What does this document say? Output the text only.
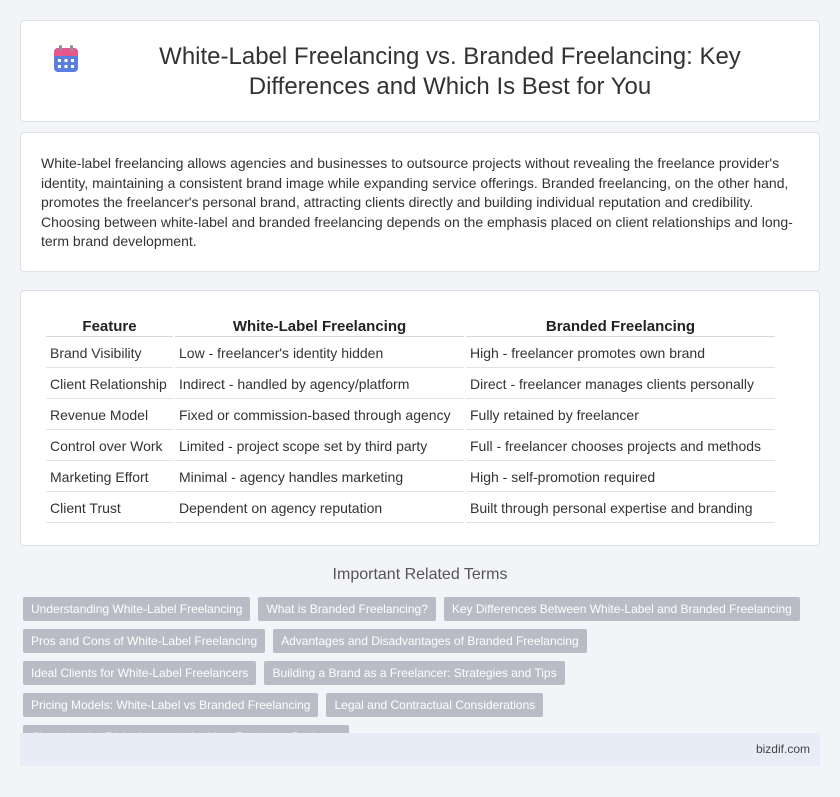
White-Label Freelancing vs. Branded Freelancing: Key Differences and Which Is Best for You

White-label freelancing allows agencies and businesses to outsource projects without revealing the freelance provider's identity, maintaining a consistent brand image while expanding service offerings. Branded freelancing, on the other hand, promotes the freelancer's personal brand, attracting clients directly and building individual reputation and credibility. Choosing between white-label and branded freelancing depends on the emphasis placed on client relationships and long-term brand development.

Feature	White-Label Freelancing	Branded Freelancing
Brand Visibility	Low - freelancer's identity hidden	High - freelancer promotes own brand
Client Relationship	Indirect - handled by agency/platform	Direct - freelancer manages clients personally
Revenue Model	Fixed or commission-based through agency	Fully retained by freelancer
Control over Work	Limited - project scope set by third party	Full - freelancer chooses projects and methods
Marketing Effort	Minimal - agency handles marketing	High - self-promotion required
Client Trust	Dependent on agency reputation	Built through personal expertise and branding
Important Related Terms
Understanding White-Label Freelancing	What is Branded Freelancing?	Key Differences Between White-Label and Branded Freelancing
Pros and Cons of White-Label Freelancing	Advantages and Disadvantages of Branded Freelancing
Ideal Clients for White-Label Freelancers	Building a Brand as a Freelancer: Strategies and Tips
Pricing Models: White-Label vs Branded Freelancing	Legal and Contractual Considerations
bizdif.com
